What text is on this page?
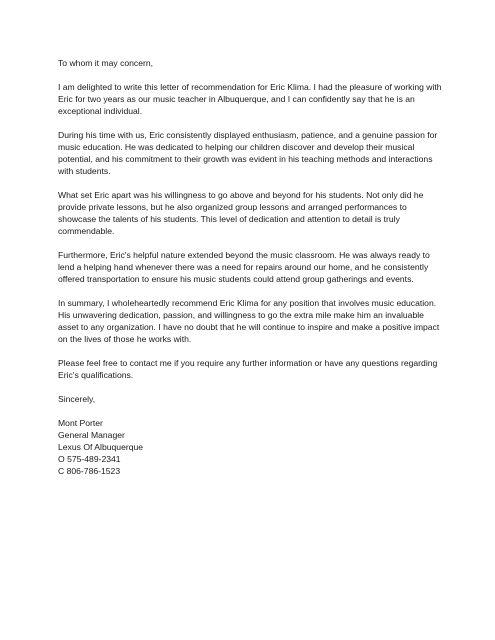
To whom it may concern,

I am delighted to write this letter of recommendation for Eric Klima. I had the pleasure of working with Eric for two years as our music teacher in Albuquerque, and I can confidently say that he is an exceptional individual.

During his time with us, Eric consistently displayed enthusiasm, patience, and a genuine passion for music education. He was dedicated to helping our children discover and develop their musical potential, and his commitment to their growth was evident in his teaching methods and interactions with students.

What set Eric apart was his willingness to go above and beyond for his students. Not only did he provide private lessons, but he also organized group lessons and arranged performances to showcase the talents of his students. This level of dedication and attention to detail is truly commendable.

Furthermore, Eric's helpful nature extended beyond the music classroom. He was always ready to lend a helping hand whenever there was a need for repairs around our home, and he consistently offered transportation to ensure his music students could attend group gatherings and events.

In summary, I wholeheartedly recommend Eric Klima for any position that involves music education. His unwavering dedication, passion, and willingness to go the extra mile make him an invaluable asset to any organization. I have no doubt that he will continue to inspire and make a positive impact on the lives of those he works with.

Please feel free to contact me if you require any further information or have any questions regarding Eric's qualifications.

Sincerely,

Mont Porter
General Manager
Lexus Of Albuquerque
O 575-489-2341
C 806-786-1523
